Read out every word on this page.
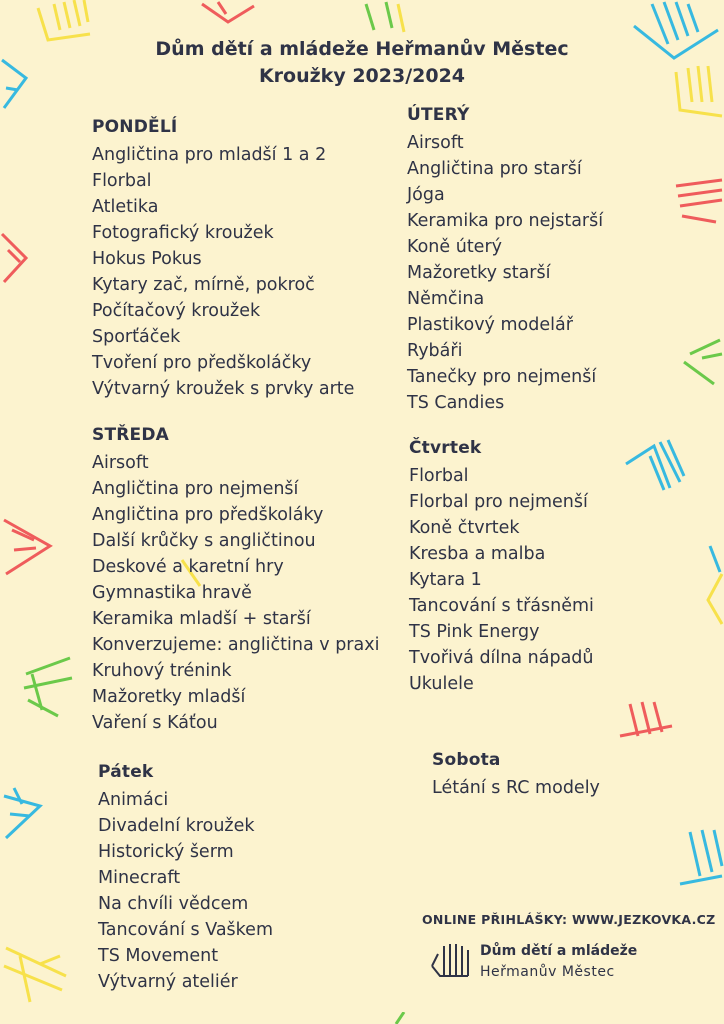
Dům dětí a mládeže Heřmanův Městec
Kroužky 2023/2024
PONDĚLÍ
Angličtina pro mladší 1 a 2
Florbal
Atletika
Fotografický kroužek
Hokus Pokus
Kytary zač, mírně, pokroč
Počítačový kroužek
Sporťáček
Tvoření pro předškoláčky
Výtvarný kroužek s prvky arte
ÚTERÝ
Airsoft
Angličtina pro starší
Jóga
Keramika pro nejstarší
Koně úterý
Mažoretky starší
Němčina
Plastikový modelář
Rybáři
Tanečky pro nejmenší
TS Candies
STŘEDA
Airsoft
Angličtina pro nejmenší
Angličtina pro předškoláky
Další krůčky s angličtinou
Deskové a karetní hry
Gymnastika hravě
Keramika mladší + starší
Konverzujeme: angličtina v praxi
Kruhový trénink
Mažoretky mladší
Vaření s Káťou
Čtvrtek
Florbal
Florbal pro nejmenší
Koně čtvrtek
Kresba a malba
Kytara 1
Tancování s třásněmi
TS Pink Energy
Tvořivá dílna nápadů
Ukulele
Pátek
Animáci
Divadelní kroužek
Historický šerm
Minecraft
Na chvíli vědcem
Tancování s Vaškem
TS Movement
Výtvarný ateliér
Sobota
Létání s RC modely
ONLINE PŘIHLÁŠKY: WWW.JEZKOVKA.CZ
Dům dětí a mládeže
Heřmanův Městec
